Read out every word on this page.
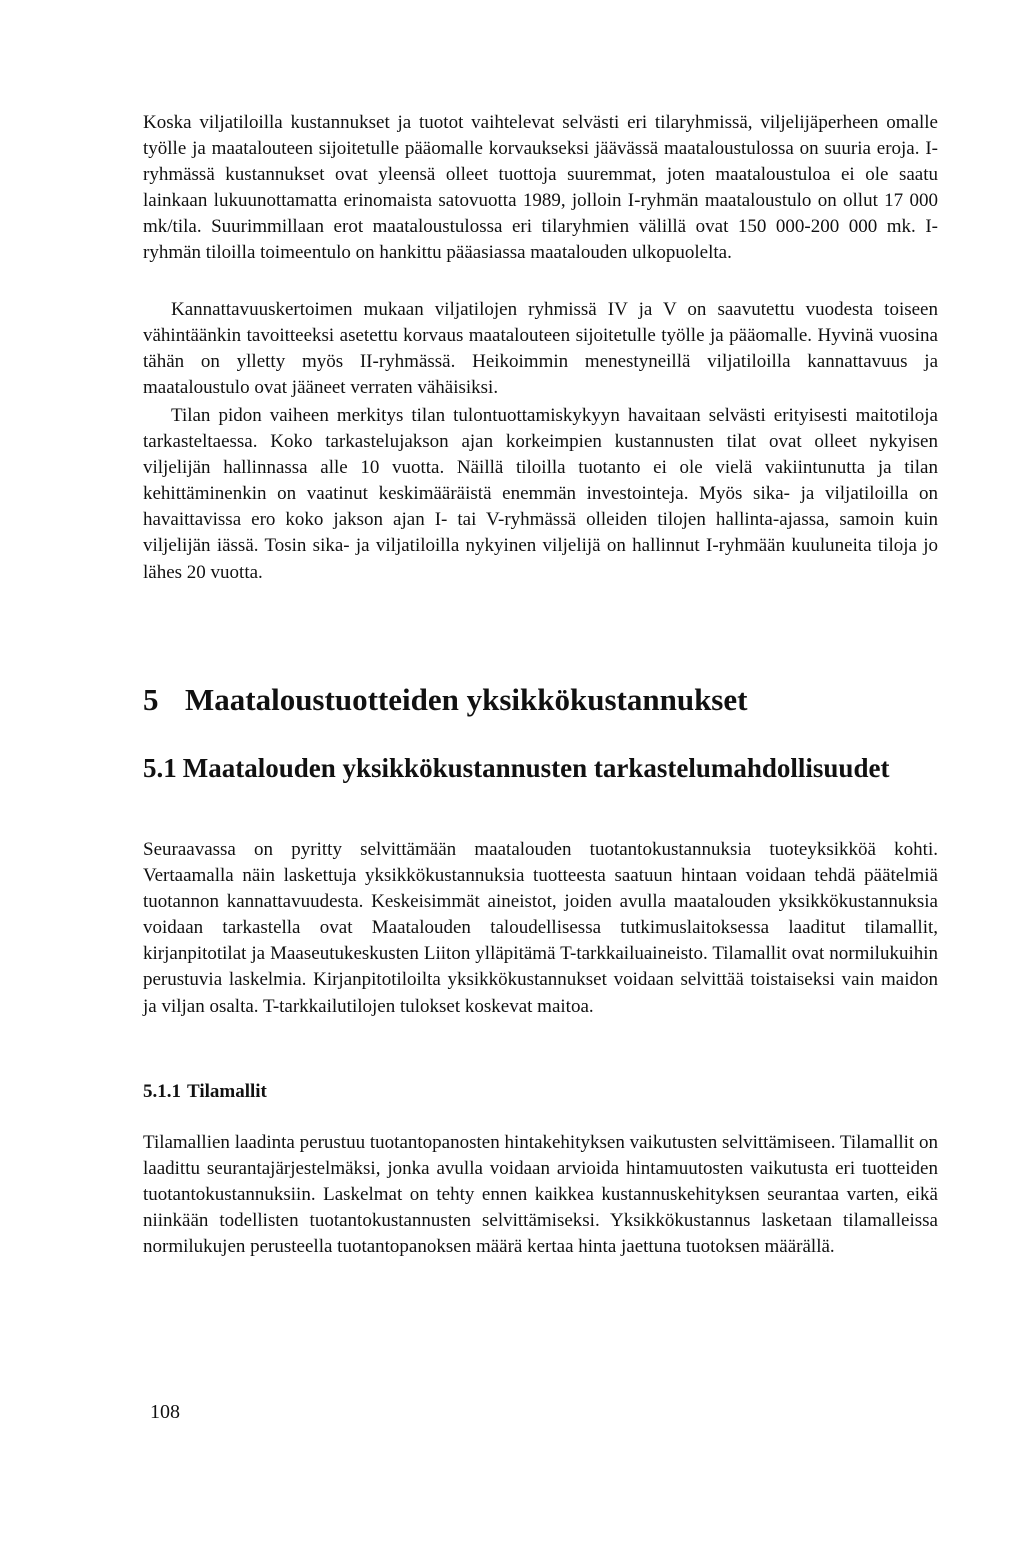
Koska viljatiloilla kustannukset ja tuotot vaihtelevat selvästi eri tilaryhmissä, viljelijäperheen omalle työlle ja maatalouteen sijoitetulle pääomalle korvaukseksi jäävässä maataloustulossa on suuria eroja. I-ryhmässä kustannukset ovat yleensä olleet tuottoja suuremmat, joten maataloustuloa ei ole saatu lainkaan lukuunottamatta erinomaista satovuotta 1989, jolloin I-ryhmän maataloustulo on ollut 17 000 mk/tila. Suurimmillaan erot maataloustulossa eri tilaryhmien välillä ovat 150 000-200 000 mk. I-ryhmän tiloilla toimeentulo on hankittu pääasiassa maatalouden ulkopuolelta.

Kannattavuuskertoimen mukaan viljatilojen ryhmissä IV ja V on saavutettu vuodesta toiseen vähintäänkin tavoitteeksi asetettu korvaus maatalouteen sijoitetulle työlle ja pääomalle. Hyvinä vuosina tähän on ylletty myös II-ryhmässä. Heikoimmin menestyneillä viljatiloilla kannattavuus ja maataloustulo ovat jääneet verraten vähäisiksi.

Tilan pidon vaiheen merkitys tilan tulontuottamiskykyyn havaitaan selvästi erityisesti maitotiloja tarkasteltaessa. Koko tarkastelujakson ajan korkeimpien kustannusten tilat ovat olleet nykyisen viljelijän hallinnassa alle 10 vuotta. Näillä tiloilla tuotanto ei ole vielä vakiintunutta ja tilan kehittäminenkin on vaatinut keskimääräistä enemmän investointeja. Myös sika- ja viljatiloilla on havaittavissa ero koko jakson ajan I- tai V-ryhmässä olleiden tilojen hallinta-ajassa, samoin kuin viljelijän iässä. Tosin sika- ja viljatiloilla nykyinen viljelijä on hallinnut I-ryhmään kuuluneita tiloja jo lähes 20 vuotta.

5 Maataloustuotteiden yksikkökustannukset
5.1 Maatalouden yksikkökustannusten tarkastelumahdollisuudet

Seuraavassa on pyritty selvittämään maatalouden tuotantokustannuksia tuoteyksikköä kohti. Vertaamalla näin laskettuja yksikkökustannuksia tuotteesta saatuun hintaan voidaan tehdä päätelmiä tuotannon kannattavuudesta. Keskeisimmät aineistot, joiden avulla maatalouden yksikkökustannuksia voidaan tarkastella ovat Maatalouden taloudellisessa tutkimuslaitoksessa laaditut tilamallit, kirjanpitotilat ja Maaseutukeskusten Liiton ylläpitämä T-tarkkailuaineisto. Tilamallit ovat normilukuihin perustuvia laskelmia. Kirjanpitotiloilta yksikkökustannukset voidaan selvittää toistaiseksi vain maidon ja viljan osalta. T-tarkkailutilojen tulokset koskevat maitoa.

5.1.1 Tilamallit

Tilamallien laadinta perustuu tuotantopanosten hintakehityksen vaikutusten selvittämiseen. Tilamallit on laadittu seurantajärjestelmäksi, jonka avulla voidaan arvioida hintamuutosten vaikutusta eri tuotteiden tuotantokustannuksiin. Laskelmat on tehty ennen kaikkea kustannuskehityksen seurantaa varten, eikä niinkään todellisten tuotantokustannusten selvittämiseksi. Yksikkökustannus lasketaan tilamalleissa normilukujen perusteella tuotantopanoksen määrä kertaa hinta jaettuna tuotoksen määrällä.

108
